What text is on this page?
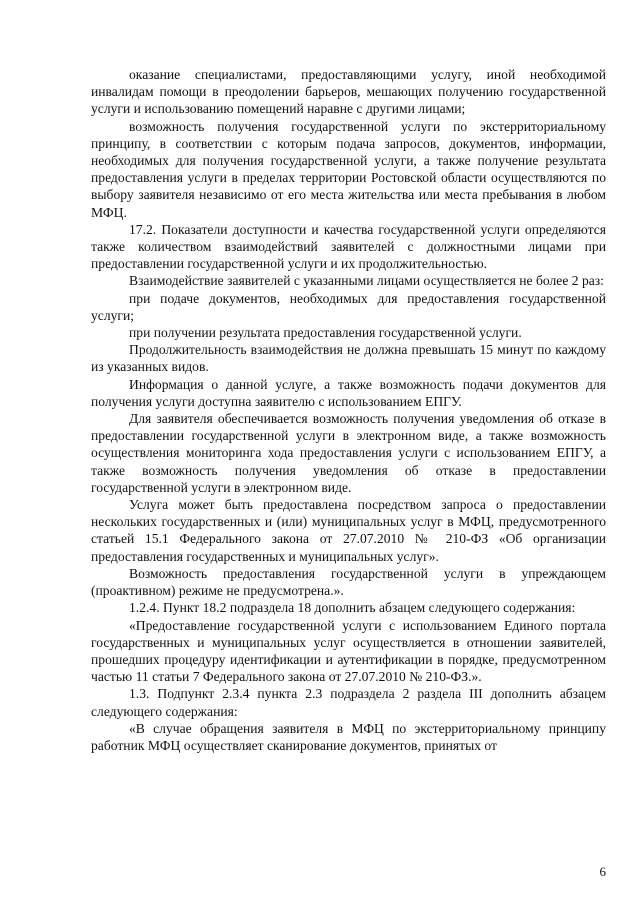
оказание специалистами, предоставляющими услугу, иной необходимой инвалидам помощи в преодолении барьеров, мешающих получению государственной услуги и использованию помещений наравне с другими лицами;

возможность получения государственной услуги по экстерриториальному принципу, в соответствии с которым подача запросов, документов, информации, необходимых для получения государственной услуги, а также получение результата предоставления услуги в пределах территории Ростовской области осуществляются по выбору заявителя независимо от его места жительства или места пребывания в любом МФЦ.

17.2. Показатели доступности и качества государственной услуги определяются также количеством взаимодействий заявителей с должностными лицами при предоставлении государственной услуги и их продолжительностью.

Взаимодействие заявителей с указанными лицами осуществляется не более 2 раз:

при подаче документов, необходимых для предоставления государственной услуги;

при получении результата предоставления государственной услуги.

Продолжительность взаимодействия не должна превышать 15 минут по каждому из указанных видов.

Информация о данной услуге, а также возможность подачи документов для получения услуги доступна заявителю с использованием ЕПГУ.

Для заявителя обеспечивается возможность получения уведомления об отказе в предоставлении государственной услуги в электронном виде, а также возможность осуществления мониторинга хода предоставления услуги с использованием ЕПГУ, а также возможность получения уведомления об отказе в предоставлении государственной услуги в электронном виде.

Услуга может быть предоставлена посредством запроса о предоставлении нескольких государственных и (или) муниципальных услуг в МФЦ, предусмотренного статьей 15.1 Федерального закона от 27.07.2010 № 210-ФЗ «Об организации предоставления государственных и муниципальных услуг».

Возможность предоставления государственной услуги в упреждающем (проактивном) режиме не предусмотрена.».

1.2.4. Пункт 18.2 подраздела 18 дополнить абзацем следующего содержания:

«Предоставление государственной услуги с использованием Единого портала государственных и муниципальных услуг осуществляется в отношении заявителей, прошедших процедуру идентификации и аутентификации в порядке, предусмотренном частью 11 статьи 7 Федерального закона от 27.07.2010 № 210-ФЗ.».

1.3. Подпункт 2.3.4 пункта 2.3 подраздела 2 раздела III дополнить абзацем следующего содержания:

«В случае обращения заявителя в МФЦ по экстерриториальному принципу работник МФЦ осуществляет сканирование документов, принятых от

6
